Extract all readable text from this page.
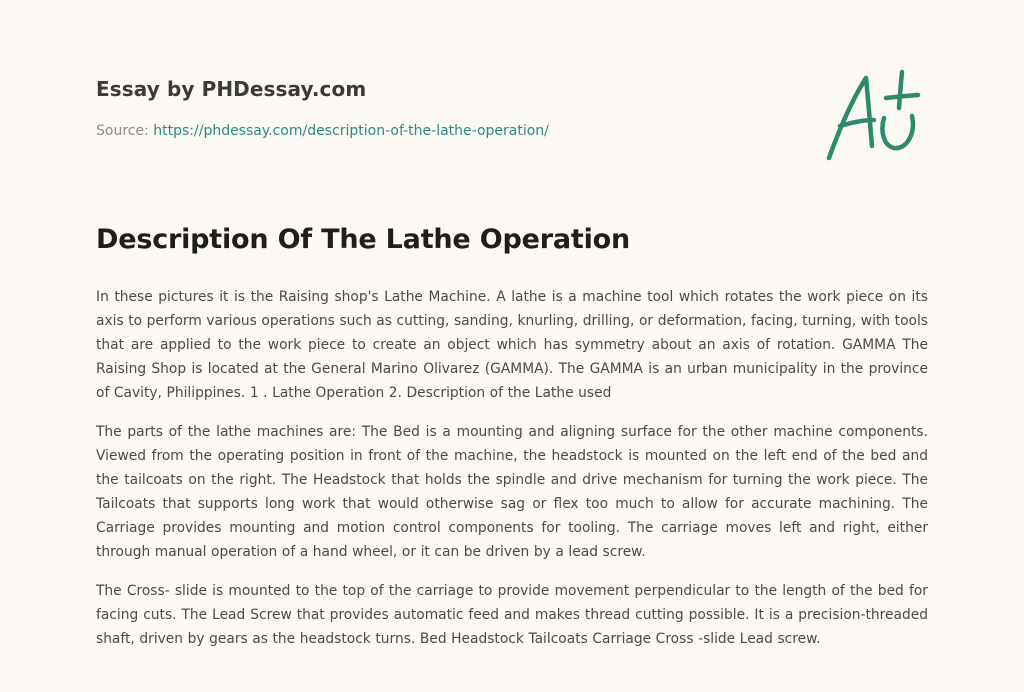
Essay by PHDessay.com
Source: https://phdessay.com/description-of-the-lathe-operation/
Description Of The Lathe Operation

In these pictures it is the Raising shop's Lathe Machine. A lathe is a machine tool which rotates the work piece on its axis to perform various operations such as cutting, sanding, knurling, drilling, or deformation, facing, turning, with tools that are applied to the work piece to create an object which has symmetry about an axis of rotation. GAMMA The Raising Shop is located at the General Marino Olivarez (GAMMA). The GAMMA is an urban municipality in the province of Cavity, Philippines. 1 . Lathe Operation 2. Description of the Lathe used

The parts of the lathe machines are: The Bed is a mounting and aligning surface for the other machine components. Viewed from the operating position in front of the machine, the headstock is mounted on the left end of the bed and the tailcoats on the right. The Headstock that holds the spindle and drive mechanism for turning the work piece. The Tailcoats that supports long work that would otherwise sag or flex too much to allow for accurate machining. The Carriage provides mounting and motion control components for tooling. The carriage moves left and right, either through manual operation of a hand wheel, or it can be driven by a lead screw.

The Cross- slide is mounted to the top of the carriage to provide movement perpendicular to the length of the bed for facing cuts. The Lead Screw that provides automatic feed and makes thread cutting possible. It is a precision-threaded shaft, driven by gears as the headstock turns. Bed Headstock Tailcoats Carriage Cross -slide Lead screw.
